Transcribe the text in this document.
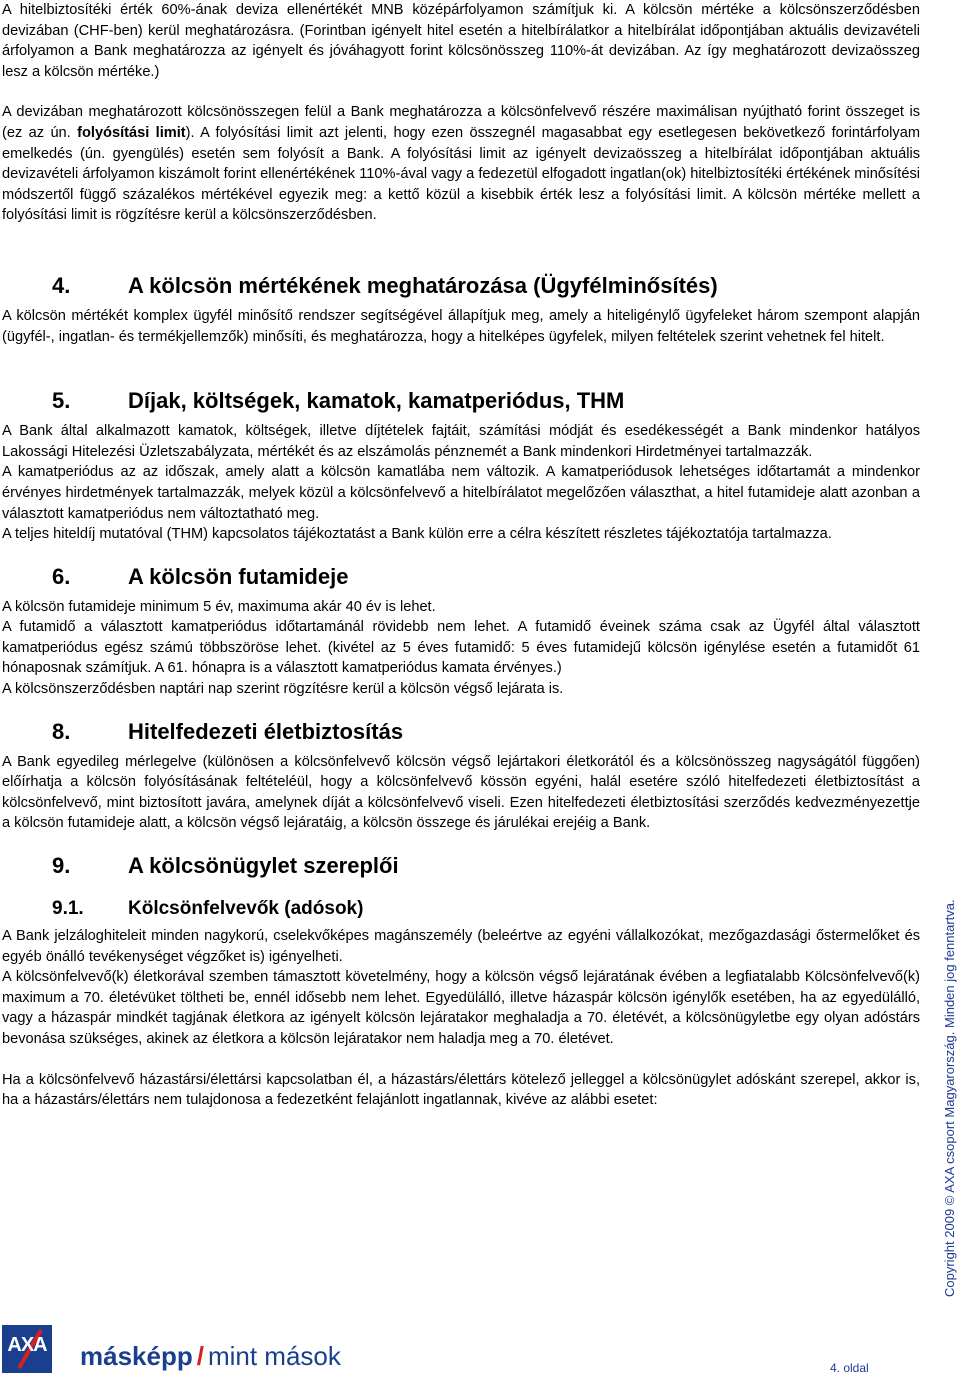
A hitelbiztosítéki érték 60%-ának deviza ellenértékét MNB középárfolyamon számítjuk ki. A kölcsön mértéke a kölcsönszerződésben devizában (CHF-ben) kerül meghatározásra. (Forintban igényelt hitel esetén a hitelbírálatkor a hitelbírálat időpontjában aktuális devizavételi árfolyamon a Bank meghatározza az igényelt és jóváhagyott forint kölcsönösszeg 110%-át devizában. Az így meghatározott devizaösszeg lesz a kölcsön mértéke.)

A devizában meghatározott kölcsönösszegen felül a Bank meghatározza a kölcsönfelvevő részére maximálisan nyújtható forint összeget is (ez az ún. folyósítási limit). A folyósítási limit azt jelenti, hogy ezen összegnél magasabbat egy esetlegesen bekövetkező forintárfolyam emelkedés (ún. gyengülés) esetén sem folyósít a Bank. A folyósítási limit az igényelt devizaösszeg a hitelbírálat időpontjában aktuális devizavételi árfolyamon kiszámolt forint ellenértékének 110%-ával vagy a fedezetül elfogadott ingatlan(ok) hitelbiztosítéki értékének minősítési módszertől függő százalékos mértékével egyezik meg: a kettő közül a kisebbik érték lesz a folyósítási limit. A kölcsön mértéke mellett a folyósítási limit is rögzítésre kerül a kölcsönszerződésben.

4.	A kölcsön mértékének meghatározása (Ügyfélminősítés)

A kölcsön mértékét komplex ügyfél minősítő rendszer segítségével állapítjuk meg, amely a hiteligénylő ügyfeleket három szempont alapján (ügyfél-, ingatlan- és termékjellemzők) minősíti, és meghatározza, hogy a hitelképes ügyfelek, milyen feltételek szerint vehetnek fel hitelt.

5.	Díjak, költségek, kamatok, kamatperiódus, THM

A Bank által alkalmazott kamatok, költségek, illetve díjtételek fajtáit, számítási módját és esedékességét a Bank mindenkor hatályos Lakossági Hitelezési Üzletszabályzata, mértékét és az elszámolás pénznemét a Bank mindenkori Hirdetményei tartalmazzák.

A kamatperiódus az az időszak, amely alatt a kölcsön kamatlába nem változik. A kamatperiódusok lehetséges időtartamát a mindenkor érvényes hirdetmények tartalmazzák, melyek közül a kölcsönfelvevő a hitelbírálatot megelőzően választhat, a hitel futamideje alatt azonban a választott kamatperiódus nem változtatható meg.

A teljes hiteldíj mutatóval (THM) kapcsolatos tájékoztatást a Bank külön erre a célra készített részletes tájékoztatója tartalmazza.

6.	A kölcsön futamideje

A kölcsön futamideje minimum 5 év, maximuma akár 40 év is lehet.

A futamidő a választott kamatperiódus időtartamánál rövidebb nem lehet. A futamidő éveinek száma csak az Ügyfél által választott kamatperiódus egész számú többszöröse lehet. (kivétel az 5 éves futamidő: 5 éves futamidejű kölcsön igénylése esetén a futamidőt 61 hónaposnak számítjuk. A 61. hónapra is a választott kamatperiódus kamata érvényes.)

A kölcsönszerződésben naptári nap szerint rögzítésre kerül a kölcsön végső lejárata is.

8.	Hitelfedezeti életbiztosítás

A Bank egyedileg mérlegelve (különösen a kölcsönfelvevő kölcsön végső lejártakori életkorától és a kölcsönösszeg nagyságától függően) előírhatja a kölcsön folyósításának feltételéül, hogy a kölcsönfelvevő kössön egyéni, halál esetére szóló hitelfedezeti életbiztosítást a kölcsönfelvevő, mint biztosított javára, amelynek díját a kölcsönfelvevő viseli. Ezen hitelfedezeti életbiztosítási szerződés kedvezményezettje a kölcsön futamideje alatt, a kölcsön végső lejáratáig, a kölcsön összege és járulékai erejéig a Bank.

9.	A kölcsönügylet szereplői
9.1.	Kölcsönfelvevők (adósok)

A Bank jelzáloghiteleit minden nagykorú, cselekvőképes magánszemély (beleértve az egyéni vállalkozókat, mezőgazdasági őstermelőket és egyéb önálló tevékenységet végzőket is) igényelheti.

A kölcsönfelvevő(k) életkorával szemben támasztott követelmény, hogy a kölcsön végső lejáratának évében a legfiatalabb Kölcsönfelvevő(k) maximum a 70. életévüket töltheti be, ennél idősebb nem lehet. Egyedülálló, illetve házaspár kölcsön igénylők esetében, ha az egyedülálló, vagy a házaspár mindkét tagjának életkora az igényelt kölcsön lejáratakor meghaladja a 70. életévét, a kölcsönügyletbe egy olyan adóstárs bevonása szükséges, akinek az életkora a kölcsön lejáratakor nem haladja meg a 70. életévet.

Ha a kölcsönfelvevő házastársi/élettársi kapcsolatban él, a házastárs/élettárs kötelező jelleggel a kölcsönügylet adóskánt szerepel, akkor is, ha a házastárs/élettárs nem tulajdonosa a fedezetként felajánlott ingatlannak, kivéve az alábbi esetet:	Copyright 2009 © AXA csoport Magyarország. Minden jog fenntartva.
AXA másképp / mint mások	4. oldal
